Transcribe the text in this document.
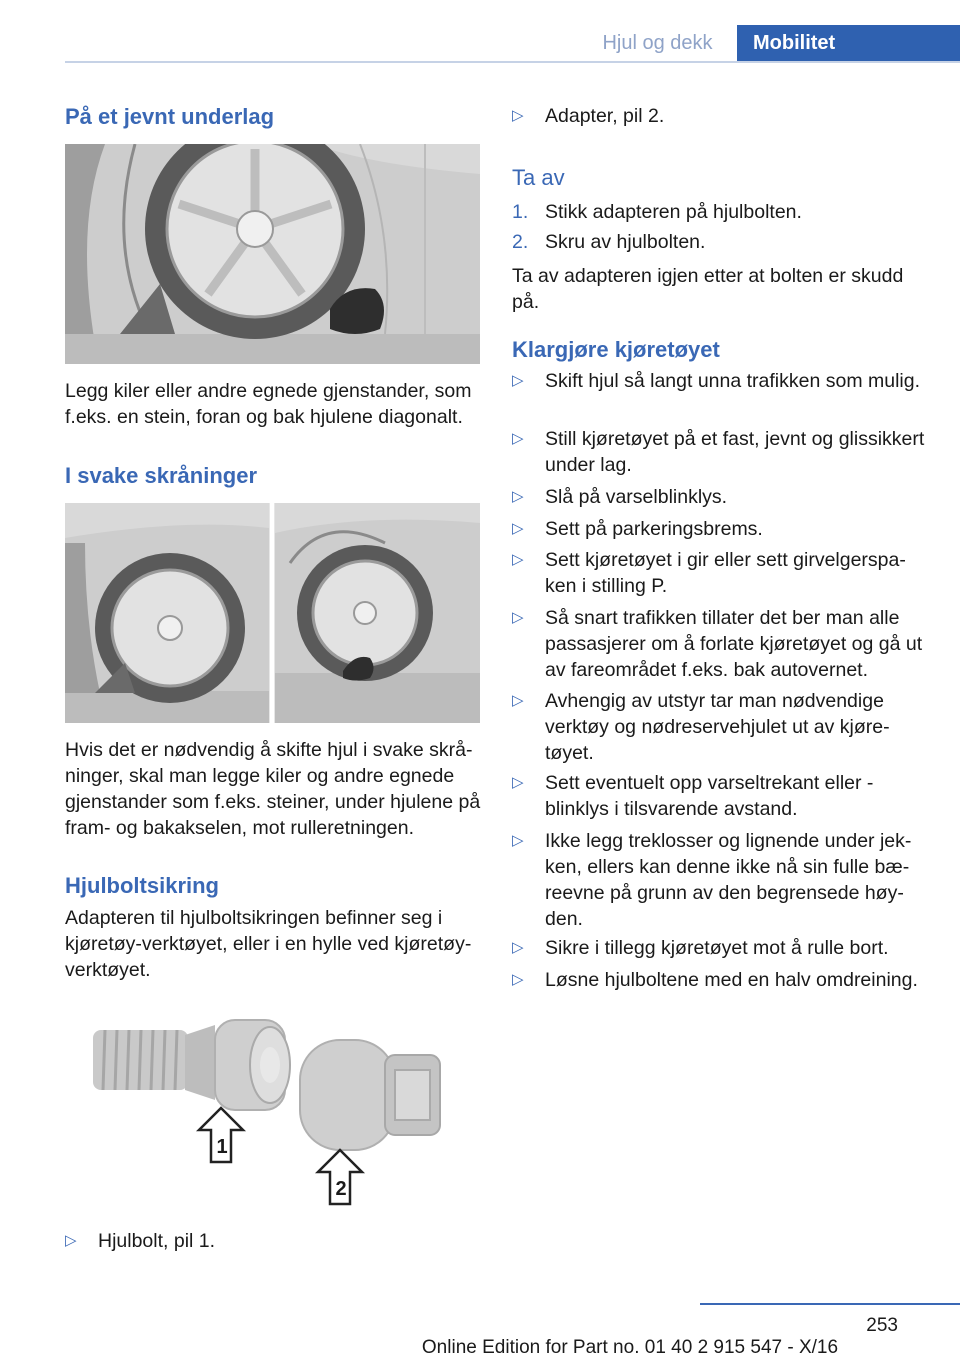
Hjul og dekk	Mobilitet
På et jevnt underlag

Legg kiler eller andre egnede gjenstander, som f.eks. en stein, foran og bak hjulene diagonalt.

I svake skråninger

Hvis det er nødvendig å skifte hjul i svake skråninger, skal man legge kiler og andre egnede gjenstander som f.eks. steiner, under hjulene på fram- og bakakselen, mot rulleretningen.

Hjulboltsikring

Adapteren til hjulboltsikringen befinner seg i kjøretøy-verktøyet, eller i en hylle ved kjøretøy-verktøyet.

1
2
▷ Hjulbolt, pil 1.
▷ Adapter, pil 2.
Ta av
1. Stikk adapteren på hjulbolten.
2. Skru av hjulbolten.

Ta av adapteren igjen etter at bolten er skudd på.

Klargjøre kjøretøyet
▷ Skift hjul så langt unna trafikken som mulig.
▷ Still kjøretøyet på et fast, jevnt og glissikkert under lag.
▷ Slå på varselblinklys.
▷ Sett på parkeringsbrems.
▷ Sett kjøretøyet i gir eller sett girvelgerspaken i stilling P.
▷ Så snart trafikken tillater det ber man alle passasjerer om å forlate kjøretøyet og gå ut av fareområdet f.eks. bak autovernet.
▷ Avhengig av utstyr tar man nødvendige verktøy og nødreservehjulet ut av kjøretøyet.
▷ Sett eventuelt opp varseltrekant eller -blinklys i tilsvarende avstand.
▷ Ikke legg treklosser og lignende under jekken, ellers kan denne ikke nå sin fulle bæreevne på grunn av den begrensede høyden.
▷ Sikre i tillegg kjøretøyet mot å rulle bort.
▷ Løsne hjulboltene med en halv omdreining.
253
Online Edition for Part no. 01 40 2 915 547 - X/16
